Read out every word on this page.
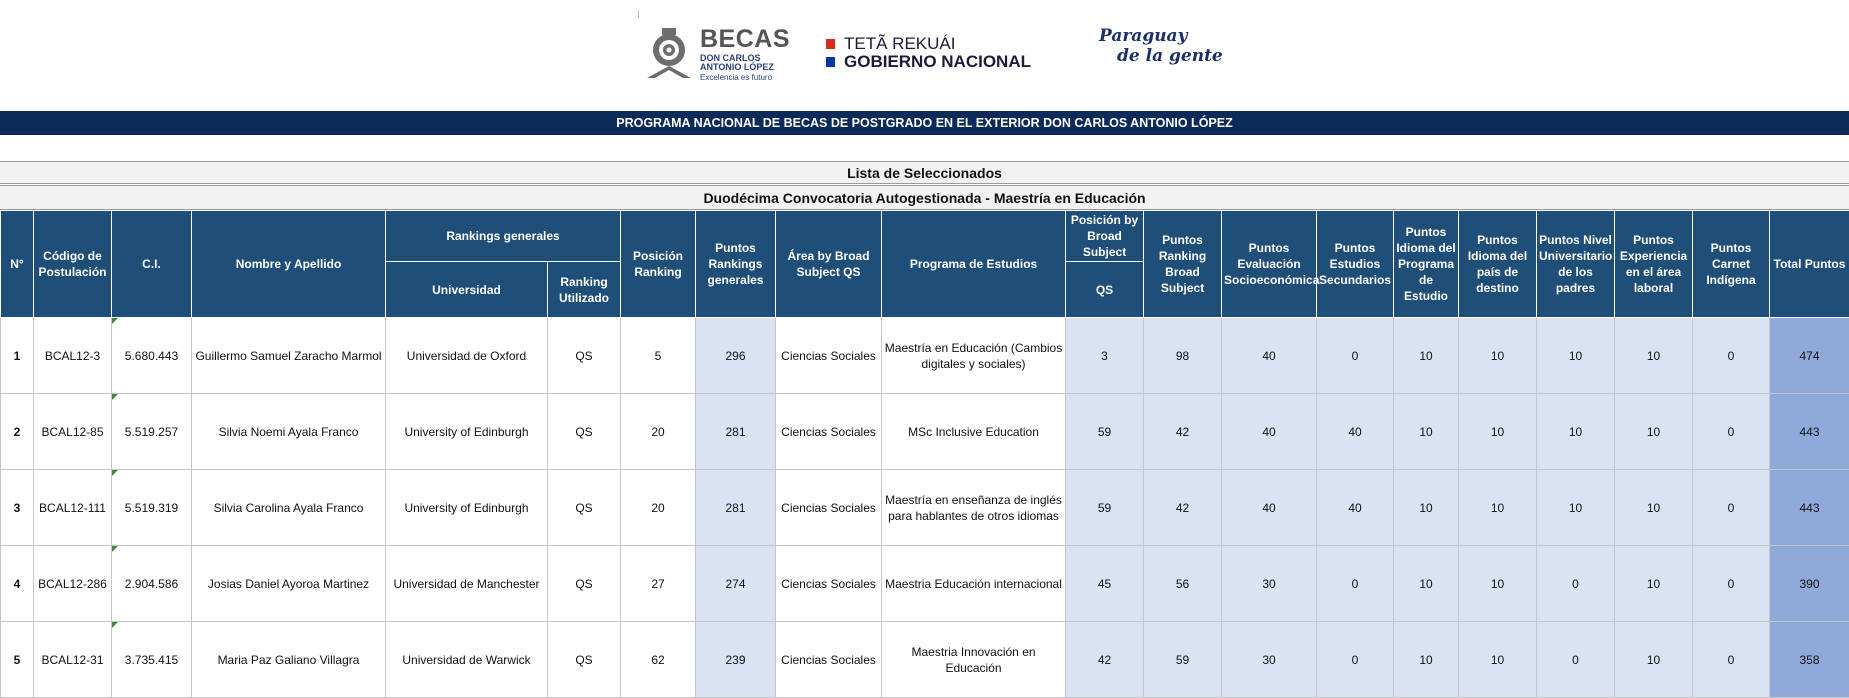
BECAS
DON CARLOS
ANTONIO LÓPEZ
Excelencia es futuro
TETÃ REKUÁI
GOBIERNO NACIONAL
Paraguay
de la gente
PROGRAMA NACIONAL DE BECAS DE POSTGRADO EN EL EXTERIOR DON CARLOS ANTONIO LÓPEZ
Lista de Seleccionados
Duodécima Convocatoria Autogestionada - Maestría en Educación
N°	Código de Postulación	C.I.	Nombre y Apellido	Rankings generales		Posición Ranking	Puntos Rankings generales	Área by Broad Subject QS	Programa de Estudios	Posición by Broad Subject	Puntos Ranking Broad Subject	Puntos Evaluación Socioeconómica	Puntos Estudios Secundarios	Puntos Idioma del Programa de Estudio	Puntos Idioma del país de destino	Puntos Nivel Universitario de los padres	Puntos Experiencia en el área laboral	Puntos Carnet Indígena	Total Puntos
				Universidad	Ranking Utilizado					QS									
1	BCAL12-3	5.680.443	Guillermo Samuel Zaracho Marmol	Universidad de Oxford	QS	5	296	Ciencias Sociales	Maestría en Educación (Cambios digitales y sociales)	3	98	40	0	10	10	10	10	0	474
2	BCAL12-85	5.519.257	Silvia Noemi Ayala Franco	University of Edinburgh	QS	20	281	Ciencias Sociales	MSc Inclusive Education	59	42	40	40	10	10	10	10	0	443
3	BCAL12-111	5.519.319	Silvia Carolina Ayala Franco	University of Edinburgh	QS	20	281	Ciencias Sociales	Maestría en enseñanza de inglés para hablantes de otros idiomas	59	42	40	40	10	10	10	10	0	443
4	BCAL12-286	2.904.586	Josias Daniel Ayoroa Martinez	Universidad de Manchester	QS	27	274	Ciencias Sociales	Maestria Educación internacional	45	56	30	0	10	10	0	10	0	390
5	BCAL12-31	3.735.415	Maria Paz Galiano Villagra	Universidad de Warwick	QS	62	239	Ciencias Sociales	Maestria Innovación en Educación	42	59	30	0	10	10	0	10	0	358
